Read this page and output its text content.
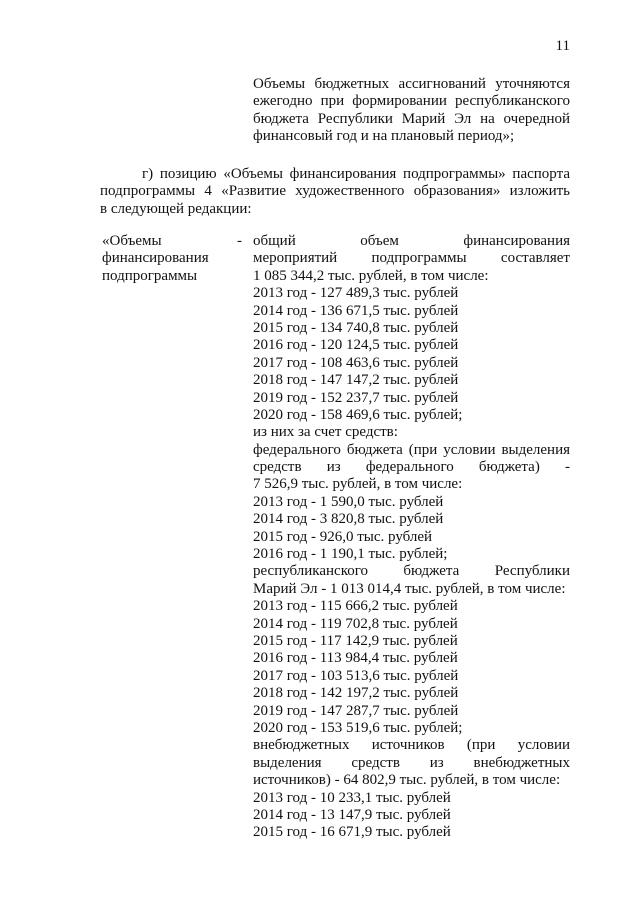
11
Объемы бюджетных ассигнований уточняются
ежегодно при формировании республиканского
бюджета Республики Марий Эл на очередной
финансовый год и на плановый период»;
г) позицию «Объемы финансирования подпрограммы» паспорта
подпрограммы 4 «Развитие художественного образования» изложить
в следующей редакции:
«Объемы	-
финансирования
подпрограммы
общий объем финансирования
мероприятий подпрограммы составляет
1 085 344,2 тыс. рублей, в том числе:
2013 год - 127 489,3 тыс. рублей
2014 год - 136 671,5 тыс. рублей
2015 год - 134 740,8 тыс. рублей
2016 год - 120 124,5 тыс. рублей
2017 год - 108 463,6 тыс. рублей
2018 год - 147 147,2 тыс. рублей
2019 год - 152 237,7 тыс. рублей
2020 год - 158 469,6 тыс. рублей;
из них за счет средств:
федерального бюджета (при условии выделения
средств из федерального бюджета) -
7 526,9 тыс. рублей, в том числе:
2013 год - 1 590,0 тыс. рублей
2014 год - 3 820,8 тыс. рублей
2015 год - 926,0 тыс. рублей
2016 год - 1 190,1 тыс. рублей;
республиканского бюджета Республики
Марий Эл - 1 013 014,4 тыс. рублей, в том числе:
2013 год - 115 666,2 тыс. рублей
2014 год - 119 702,8 тыс. рублей
2015 год - 117 142,9 тыс. рублей
2016 год - 113 984,4 тыс. рублей
2017 год - 103 513,6 тыс. рублей
2018 год - 142 197,2 тыс. рублей
2019 год - 147 287,7 тыс. рублей
2020 год - 153 519,6 тыс. рублей;
внебюджетных источников (при условии
выделения средств из внебюджетных
источников) - 64 802,9 тыс. рублей, в том числе:
2013 год - 10 233,1 тыс. рублей
2014 год - 13 147,9 тыс. рублей
2015 год - 16 671,9 тыс. рублей
